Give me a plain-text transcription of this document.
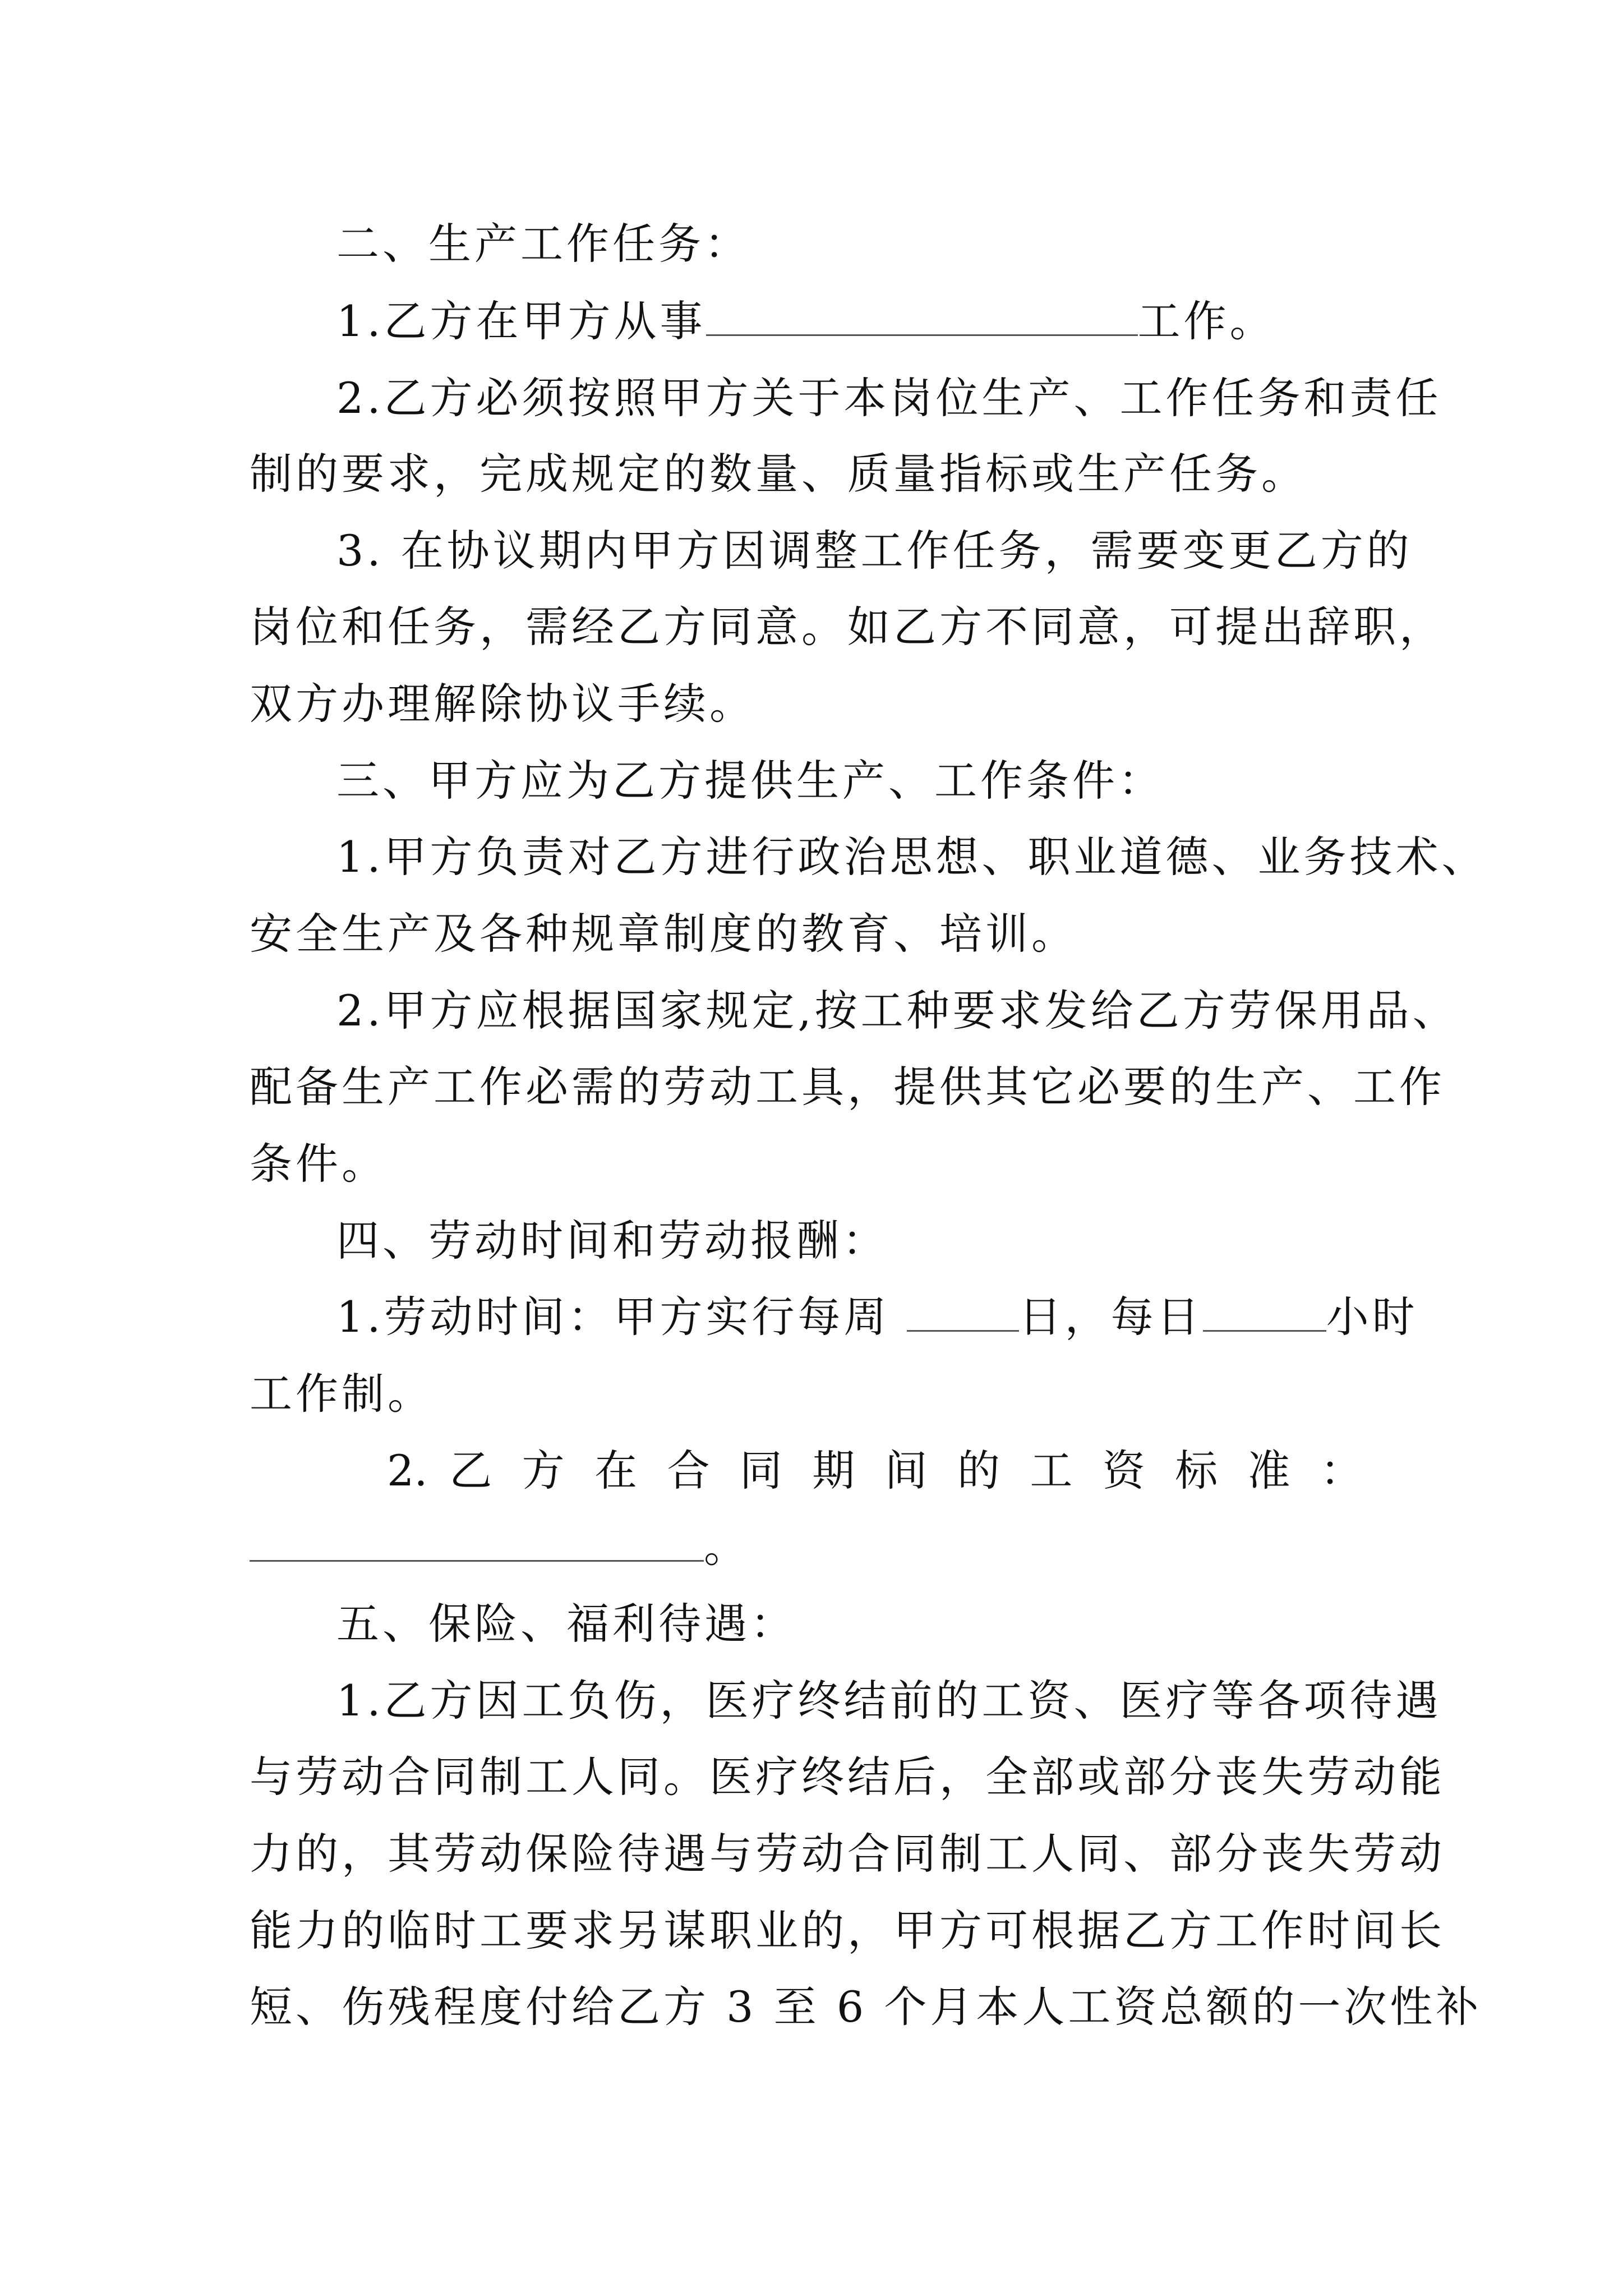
二、生产工作任务：
1.乙方在甲方从事	工作。
2.乙方必须按照甲方关于本岗位生产、工作任务和责任
制的要求，完成规定的数量、质量指标或生产任务。
3. 在协议期内甲方因调整工作任务，需要变更乙方的
岗位和任务，需经乙方同意。如乙方不同意，可提出辞职，
双方办理解除协议手续。
三、甲方应为乙方提供生产、工作条件：
1.甲方负责对乙方进行政治思想、职业道德、业务技术、
安全生产及各种规章制度的教育、培训。
2.甲方应根据国家规定,按工种要求发给乙方劳保用品、
配备生产工作必需的劳动工具，提供其它必要的生产、工作
条件。
四、劳动时间和劳动报酬：
1.劳动时间：甲方实行每周	日，每日	小时
工作制。
2. 乙 方 在 合 同 期 间 的 工 资 标 准 ：
。
五、保险、福利待遇：
1.乙方因工负伤，医疗终结前的工资、医疗等各项待遇
与劳动合同制工人同。医疗终结后，全部或部分丧失劳动能
力的，其劳动保险待遇与劳动合同制工人同、部分丧失劳动
能力的临时工要求另谋职业的，甲方可根据乙方工作时间长
短、伤残程度付给乙方 3 至 6 个月本人工资总额的一次性补
